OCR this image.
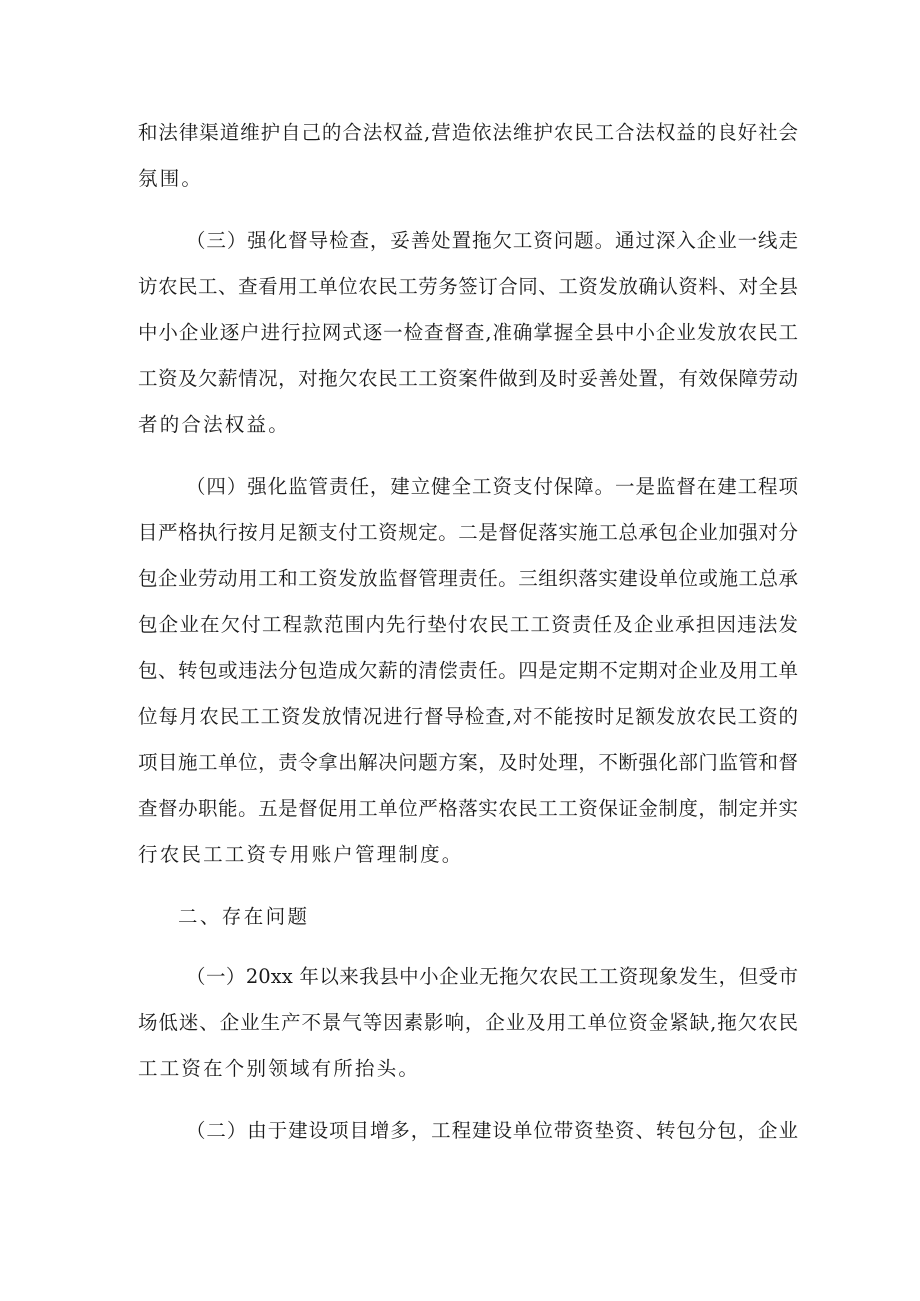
和法律渠道维护自己的合法权益,营造依法维护农民工合法权益的良好社会
氛围。
（三）强化督导检查，妥善处置拖欠工资问题。通过深入企业一线走
访农民工、查看用工单位农民工劳务签订合同、工资发放确认资料、对全县
中小企业逐户进行拉网式逐一检查督查,准确掌握全县中小企业发放农民工
工资及欠薪情况，对拖欠农民工工资案件做到及时妥善处置，有效保障劳动
者的合法权益。
（四）强化监管责任，建立健全工资支付保障。一是监督在建工程项
目严格执行按月足额支付工资规定。二是督促落实施工总承包企业加强对分
包企业劳动用工和工资发放监督管理责任。三组织落实建设单位或施工总承
包企业在欠付工程款范围内先行垫付农民工工资责任及企业承担因违法发
包、转包或违法分包造成欠薪的清偿责任。四是定期不定期对企业及用工单
位每月农民工工资发放情况进行督导检查,对不能按时足额发放农民工资的
项目施工单位，责令拿出解决问题方案，及时处理，不断强化部门监管和督
查督办职能。五是督促用工单位严格落实农民工工资保证金制度，制定并实
行农民工工资专用账户管理制度。
二、存在问题
（一）20xx 年以来我县中小企业无拖欠农民工工资现象发生，但受市
场低迷、企业生产不景气等因素影响，企业及用工单位资金紧缺,拖欠农民
工工资在个别领域有所抬头。
（二）由于建设项目增多，工程建设单位带资垫资、转包分包，企业
